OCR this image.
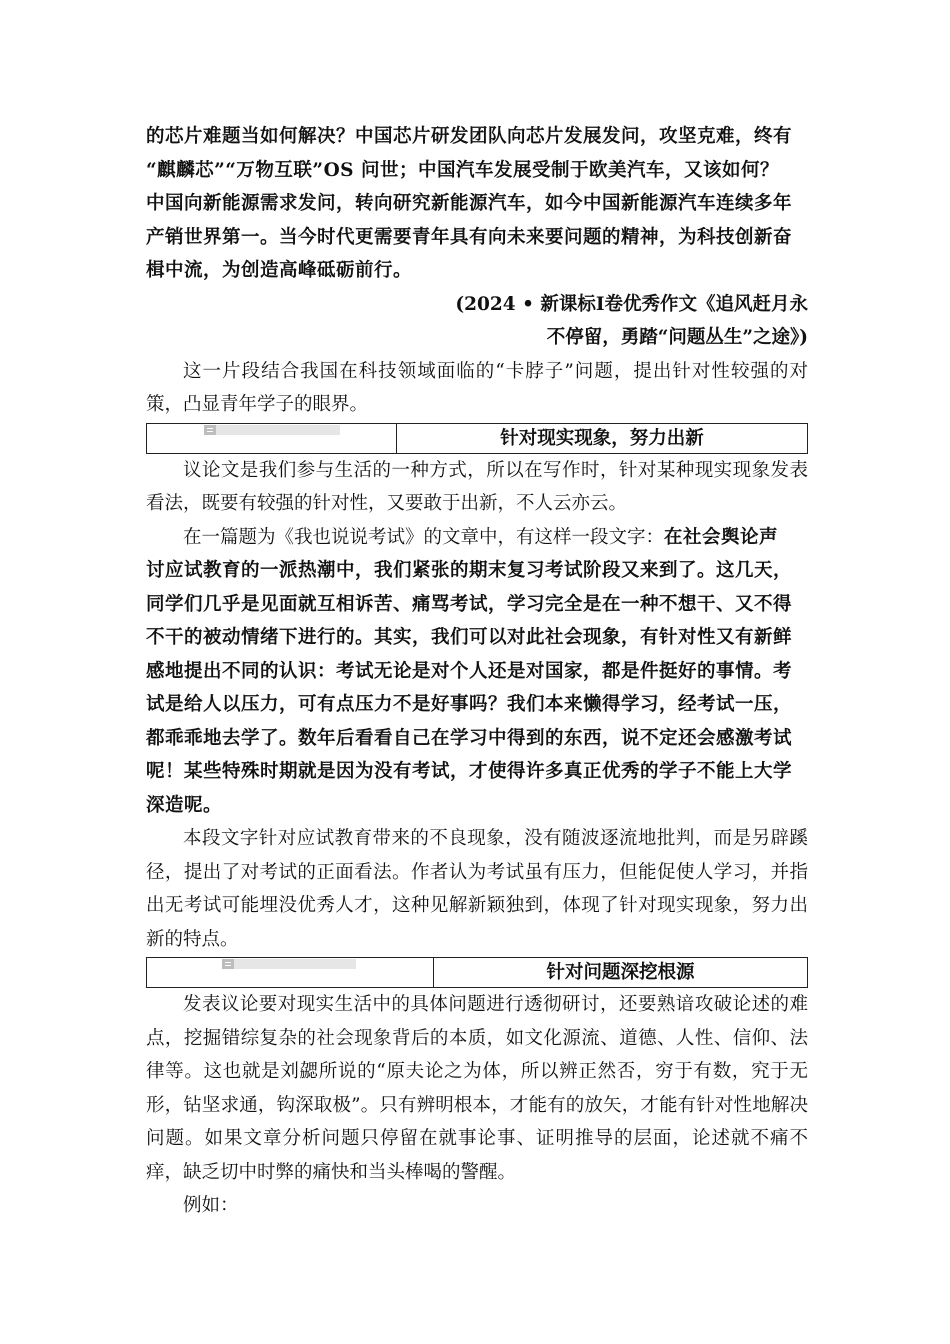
的芯片难题当如何解决？中国芯片研发团队向芯片发展发问，攻坚克难，终有

“麒麟芯”“万物互联”OS 问世；中国汽车发展受制于欧美汽车，又该如何？

中国向新能源需求发问，转向研究新能源汽车，如今中国新能源汽车连续多年

产销世界第一。当今时代更需要青年具有向未来要问题的精神，为科技创新奋

楫中流，为创造高峰砥砺前行。

(2024 • 新课标Ⅰ卷优秀作文《追风赶月永

不停留，勇踏“问题丛生”之途》)

这一片段结合我国在科技领域面临的“卡脖子”问题，提出针对性较强的对策，凸显青年学子的眼界。

针对现实现象，努力出新

议论文是我们参与生活的一种方式，所以在写作时，针对某种现实现象发表看法，既要有较强的针对性，又要敢于出新，不人云亦云。

在一篇题为《我也说说考试》的文章中，有这样一段文字：在社会舆论声

讨应试教育的一派热潮中，我们紧张的期末复习考试阶段又来到了。这几天，

同学们几乎是见面就互相诉苦、痛骂考试，学习完全是在一种不想干、又不得

不干的被动情绪下进行的。其实，我们可以对此社会现象，有针对性又有新鲜

感地提出不同的认识：考试无论是对个人还是对国家，都是件挺好的事情。考

试是给人以压力，可有点压力不是好事吗？我们本来懒得学习，经考试一压，

都乖乖地去学了。数年后看看自己在学习中得到的东西，说不定还会感激考试

呢！某些特殊时期就是因为没有考试，才使得许多真正优秀的学子不能上大学

深造呢。

本段文字针对应试教育带来的不良现象，没有随波逐流地批判，而是另辟蹊径，提出了对考试的正面看法。作者认为考试虽有压力，但能促使人学习，并指出无考试可能埋没优秀人才，这种见解新颖独到，体现了针对现实现象，努力出新的特点。

针对问题深挖根源

发表议论要对现实生活中的具体问题进行透彻研讨，还要熟谙攻破论述的难点，挖掘错综复杂的社会现象背后的本质，如文化源流、道德、人性、信仰、法律等。这也就是刘勰所说的“原夫论之为体，所以辨正然否，穷于有数，究于无形，钻坚求通，钩深取极”。只有辨明根本，才能有的放矢，才能有针对性地解决问题。如果文章分析问题只停留在就事论事、证明推导的层面，论述就不痛不痒，缺乏切中时弊的痛快和当头棒喝的警醒。

例如：
